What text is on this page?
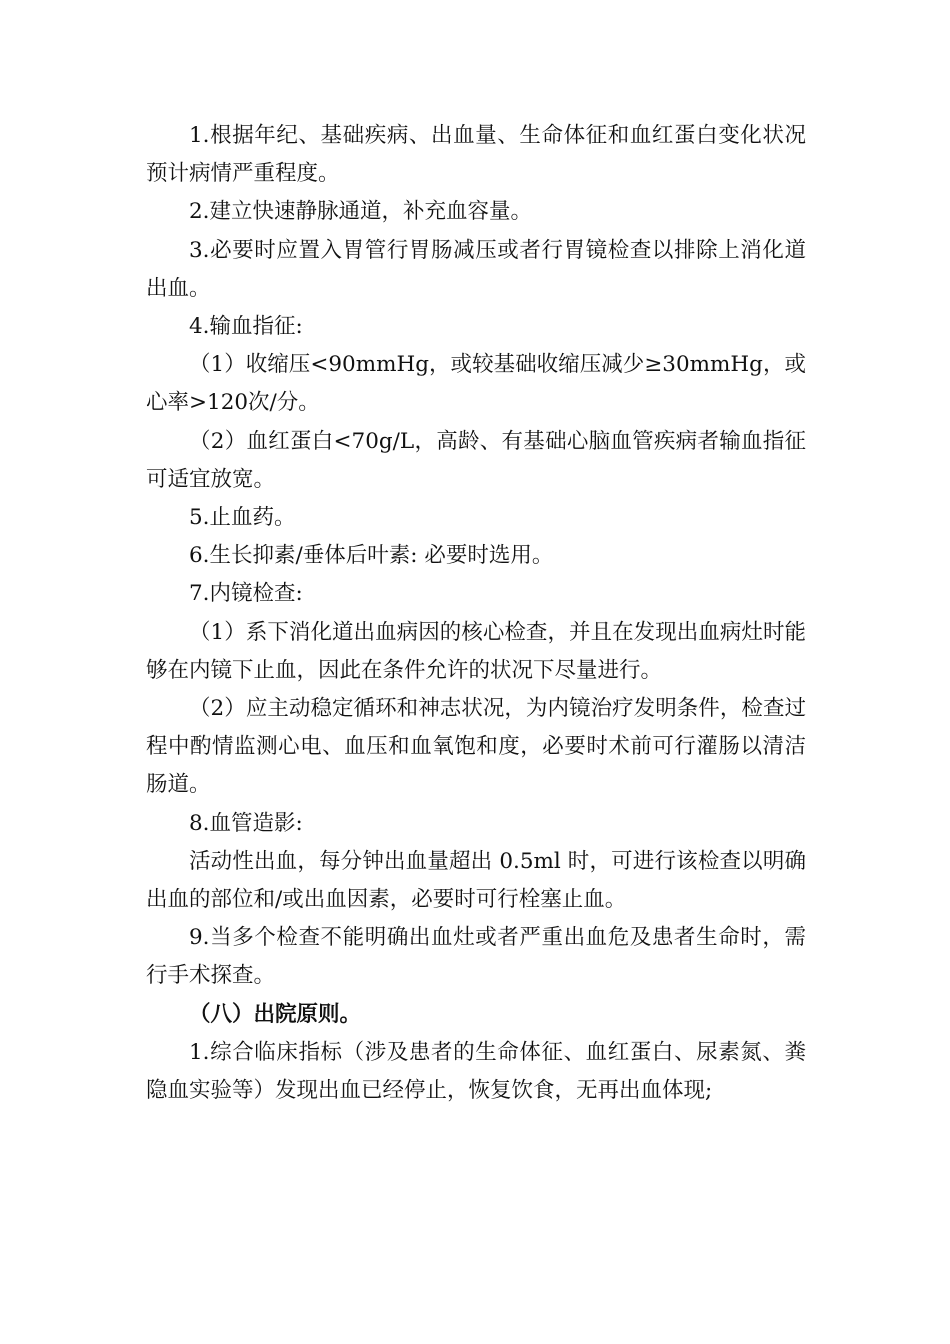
1.根据年纪、基础疾病、出血量、生命体征和血红蛋白变化状况预计病情严重程度。

2.建立快速静脉通道，补充血容量。

3.必要时应置入胃管行胃肠减压或者行胃镜检查以排除上消化道出血。

4.输血指征:

（1）收缩压<90mmHg，或较基础收缩压减少≥30mmHg，或心率>120次/分。

（2）血红蛋白<70g/L，高龄、有基础心脑血管疾病者输血指征可适宜放宽。

5.止血药。

6.生长抑素/垂体后叶素: 必要时选用。

7.内镜检查:

（1）系下消化道出血病因的核心检查，并且在发现出血病灶时能够在内镜下止血，因此在条件允许的状况下尽量进行。

（2）应主动稳定循环和神志状况，为内镜治疗发明条件，检查过程中酌情监测心电、血压和血氧饱和度，必要时术前可行灌肠以清洁肠道。

8.血管造影:

活动性出血，每分钟出血量超出 0.5ml 时，可进行该检查以明确出血的部位和/或出血因素，必要时可行栓塞止血。

9.当多个检查不能明确出血灶或者严重出血危及患者生命时，需行手术探查。

（八）出院原则。

1.综合临床指标（涉及患者的生命体征、血红蛋白、尿素氮、粪隐血实验等）发现出血已经停止，恢复饮食，无再出血体现;
